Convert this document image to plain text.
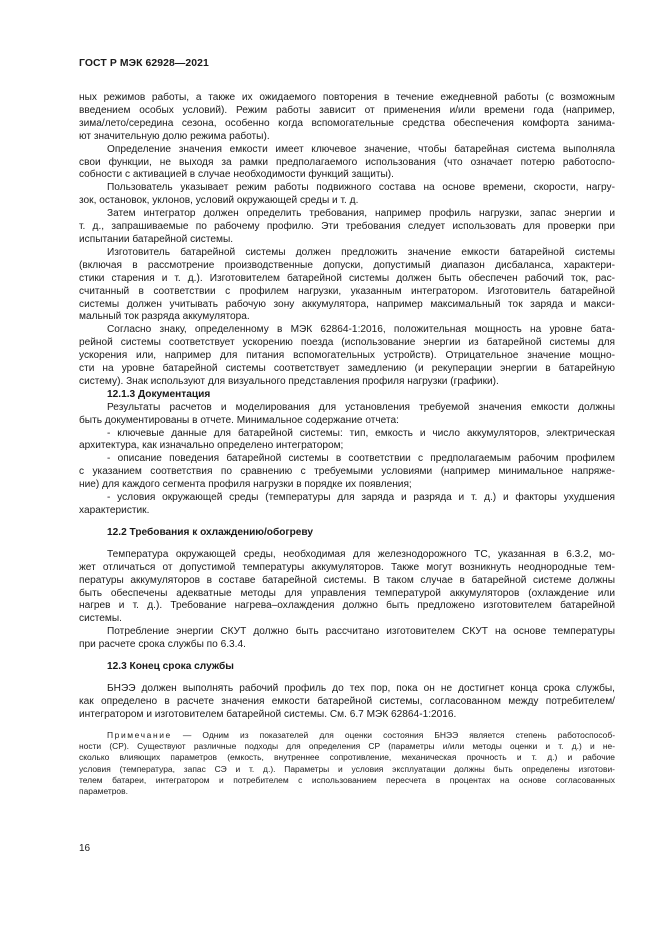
ГОСТ Р МЭК 62928—2021
ных режимов работы, а также их ожидаемого повторения в течение ежедневной работы (с возможным
введением особых условий). Режим работы зависит от применения и/или времени года (например,
зима/лето/середина сезона, особенно когда вспомогательные средства обеспечения комфорта занима-
ют значительную долю режима работы).
Определение значения емкости имеет ключевое значение, чтобы батарейная система выполняла
свои функции, не выходя за рамки предполагаемого использования (что означает потерю работоспо-
собности с активацией в случае необходимости функций защиты).
Пользователь указывает режим работы подвижного состава на основе времени, скорости, нагру-
зок, остановок, уклонов, условий окружающей среды и т. д.
Затем интегратор должен определить требования, например профиль нагрузки, запас энергии и
т. д., запрашиваемые по рабочему профилю. Эти требования следует использовать для проверки при
испытании батарейной системы.
Изготовитель батарейной системы должен предложить значение емкости батарейной системы
(включая в рассмотрение производственные допуски, допустимый диапазон дисбаланса, характери-
стики старения и т. д.). Изготовителем батарейной системы должен быть обеспечен рабочий ток, рас-
считанный в соответствии с профилем нагрузки, указанным интегратором. Изготовитель батарейной
системы должен учитывать рабочую зону аккумулятора, например максимальный ток заряда и макси-
мальный ток разряда аккумулятора.
Согласно знаку, определенному в МЭК 62864-1:2016, положительная мощность на уровне бата-
рейной системы соответствует ускорению поезда (использование энергии из батарейной системы для
ускорения или, например для питания вспомогательных устройств). Отрицательное значение мощно-
сти на уровне батарейной системы соответствует замедлению (и рекуперации энергии в батарейную
систему). Знак используют для визуального представления профиля нагрузки (графики).
12.1.3 Документация
Результаты расчетов и моделирования для установления требуемой значения емкости должны
быть документированы в отчете. Минимальное содержание отчета:
- ключевые данные для батарейной системы: тип, емкость и число аккумуляторов, электрическая
архитектура, как изначально определено интегратором;
- описание поведения батарейной системы в соответствии с предполагаемым рабочим профилем
с указанием соответствия по сравнению с требуемыми условиями (например минимальное напряже-
ние) для каждого сегмента профиля нагрузки в порядке их появления;
- условия окружающей среды (температуры для заряда и разряда и т. д.) и факторы ухудшения
характеристик.
12.2 Требования к охлаждению/обогреву
Температура окружающей среды, необходимая для железнодорожного ТС, указанная в 6.3.2, мо-
жет отличаться от допустимой температуры аккумуляторов. Также могут возникнуть неоднородные тем-
пературы аккумуляторов в составе батарейной системы. В таком случае в батарейной системе должны
быть обеспечены адекватные методы для управления температурой аккумуляторов (охлаждение или
нагрев и т. д.). Требование нагрева–охлаждения должно быть предложено изготовителем батарейной
системы.
Потребление энергии СКУТ должно быть рассчитано изготовителем СКУТ на основе температуры
при расчете срока службы по 6.3.4.
12.3 Конец срока службы
БНЭЭ должен выполнять рабочий профиль до тех пор, пока он не достигнет конца срока службы,
как определено в расчете значения емкости батарейной системы, согласованном между потребителем/
интегратором и изготовителем батарейной системы. См. 6.7 МЭК 62864-1:2016.
Примечание — Одним из показателей для оценки состояния БНЭЭ является степень работоспособ-
ности (СР). Существуют различные подходы для определения СР (параметры и/или методы оценки и т. д.) и не-
сколько влияющих параметров (емкость, внутреннее сопротивление, механическая прочность и т. д.) и рабочие
условия (температура, запас СЭ и т. д.). Параметры и условия эксплуатации должны быть определены изготови-
телем батареи, интегратором и потребителем с использованием пересчета в процентах на основе согласованных
параметров.
16
